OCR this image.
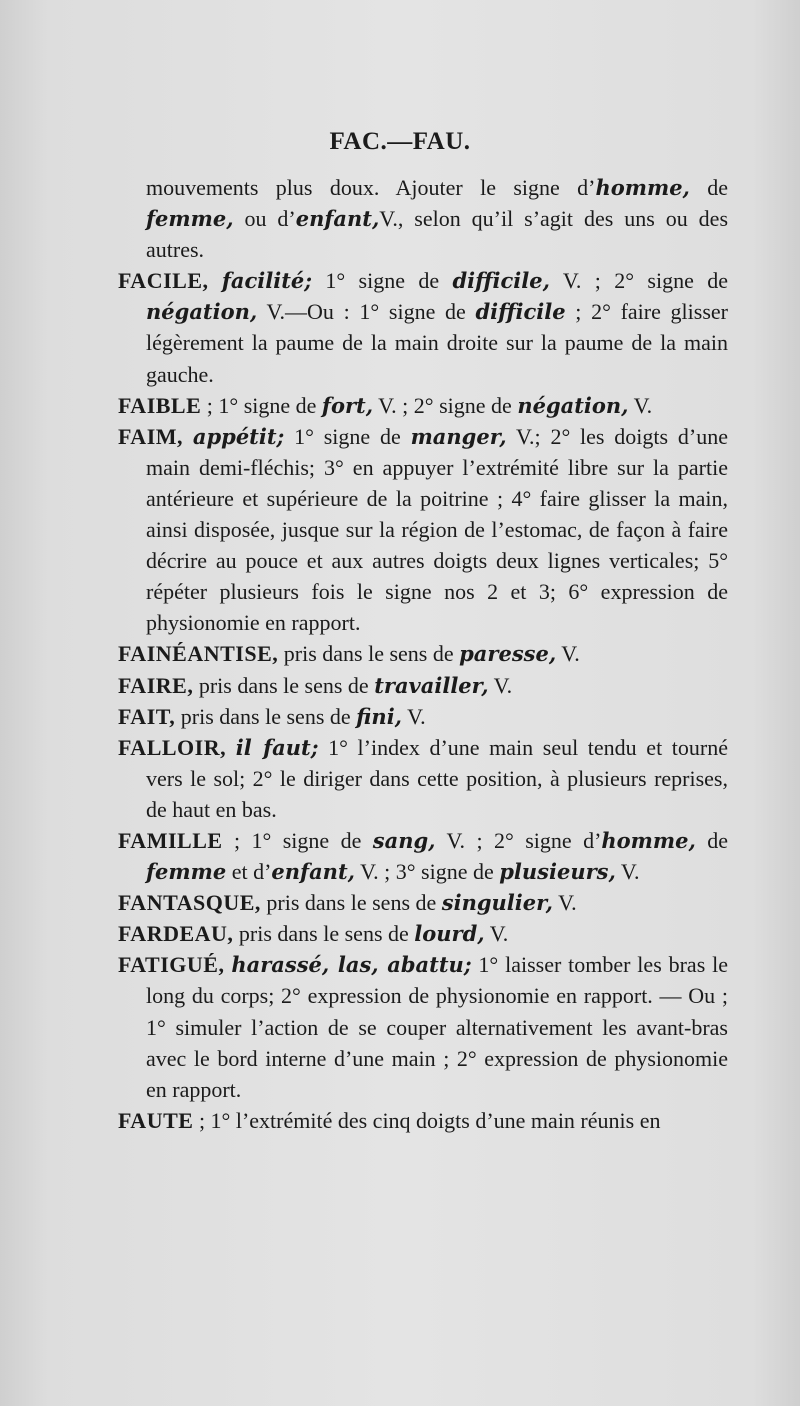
FAC.—FAU.

mouvements plus doux. Ajouter le signe d’homme, de femme, ou d’enfant,V., selon qu’il s’agit des uns ou des autres.

FACILE, facilité; 1° signe de difficile, V. ; 2° signe de négation, V.—Ou : 1° signe de difficile ; 2° faire glisser légèrement la paume de la main droite sur la paume de la main gauche.

FAIBLE ; 1° signe de fort, V. ; 2° signe de négation, V.

FAIM, appétit; 1° signe de manger, V.; 2° les doigts d’une main demi-fléchis; 3° en appuyer l’extrémité libre sur la partie antérieure et supérieure de la poitrine ; 4° faire glisser la main, ainsi disposée, jusque sur la région de l’estomac, de façon à faire décrire au pouce et aux autres doigts deux lignes verticales; 5° répéter plusieurs fois le signe nos 2 et 3; 6° expression de physionomie en rapport.

FAINÉANTISE, pris dans le sens de paresse, V.

FAIRE, pris dans le sens de travailler, V.

FAIT, pris dans le sens de fini, V.

FALLOIR, il faut; 1° l’index d’une main seul tendu et tourné vers le sol; 2° le diriger dans cette position, à plusieurs reprises, de haut en bas.

FAMILLE ; 1° signe de sang, V. ; 2° signe d’homme, de femme et d’enfant, V. ; 3° signe de plusieurs, V.

FANTASQUE, pris dans le sens de singulier, V.

FARDEAU, pris dans le sens de lourd, V.

FATIGUÉ, harassé, las, abattu; 1° laisser tomber les bras le long du corps; 2° expression de physionomie en rapport. — Ou ; 1° simuler l’action de se couper alternativement les avant-bras avec le bord interne d’une main ; 2° expression de physionomie en rapport.

FAUTE ; 1° l’extrémité des cinq doigts d’une main réunis en
